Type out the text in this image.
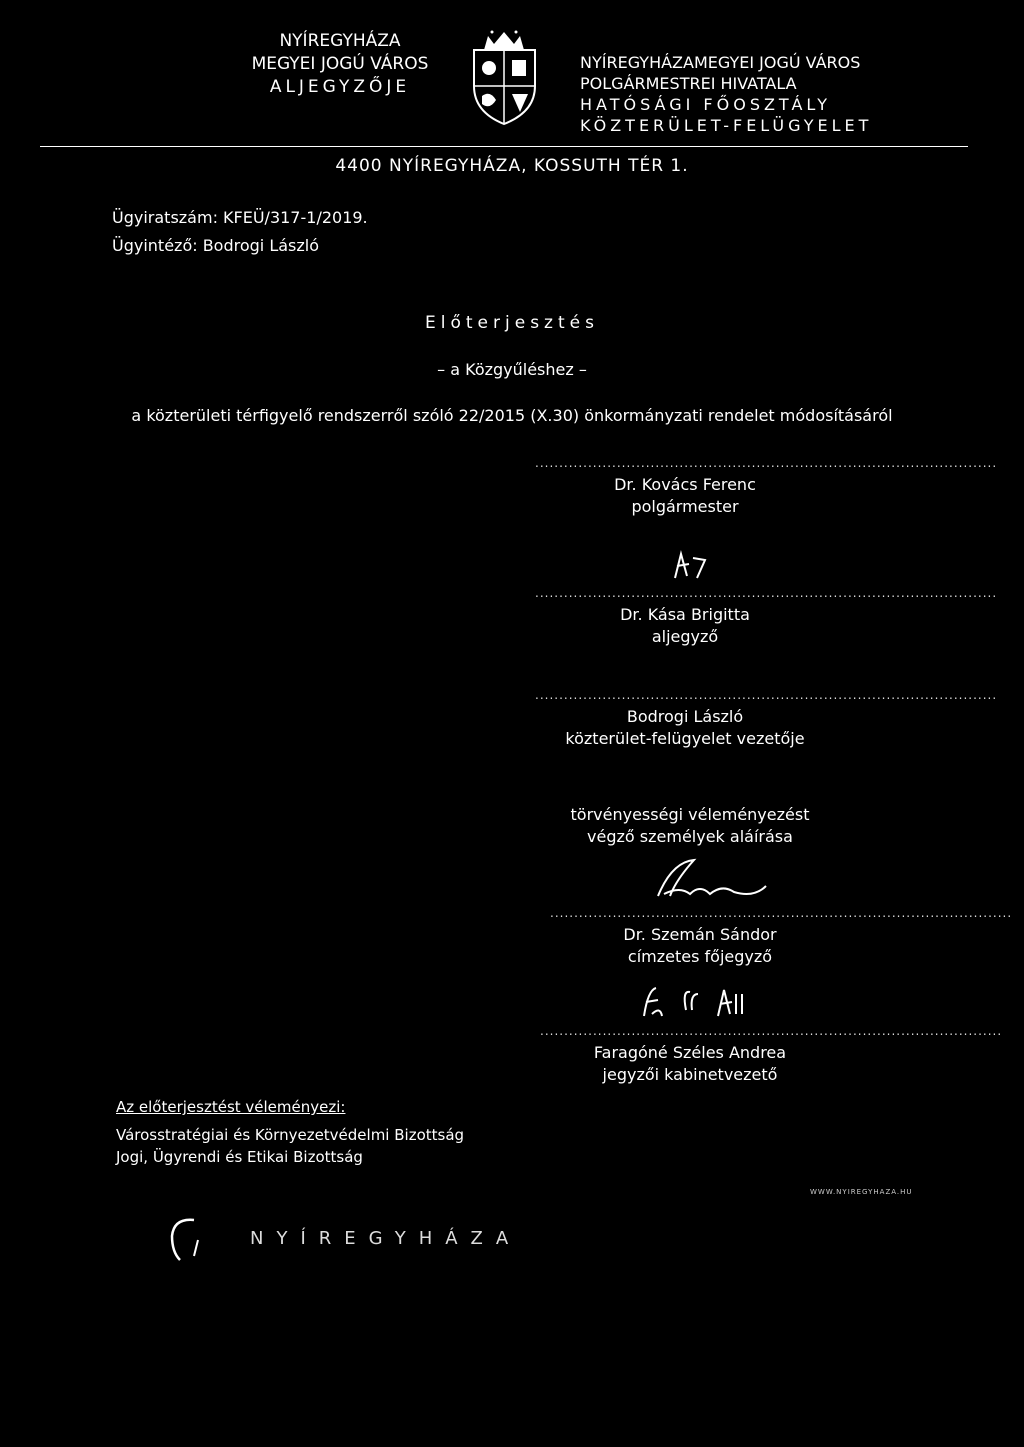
NYÍREGYHÁZA
MEGYEI JOGÚ VÁROS
ALJEGYZŐJE
NYÍREGYHÁZAMEGYEI JOGÚ VÁROS
POLGÁRMESTREI HIVATALA
HATÓSÁGI FŐOSZTÁLY
KÖZTERÜLET-FELÜGYELET
4400 NYÍREGYHÁZA, KOSSUTH TÉR 1.
Ügyiratszám: KFEÜ/317-1/2019.
Ügyintéző: Bodrogi László
Előterjesztés
– a Közgyűléshez –
a közterületi térfigyelő rendszerről szóló 22/2015 (X.30) önkormányzati rendelet módosításáról
................................................................................................
Dr. Kovács Ferenc
polgármester
................................................................................................
Dr. Kása Brigitta
aljegyző
................................................................................................
Bodrogi László
közterület-felügyelet vezetője
törvényességi véleményezést
végző személyek aláírása
................................................................................................
Dr. Szemán Sándor
címzetes főjegyző
................................................................................................
Faragóné Széles Andrea
jegyzői kabinetvezető
Az előterjesztést véleményezi:
Városstratégiai és Környezetvédelmi Bizottság
Jogi, Ügyrendi és Etikai Bizottság
NYÍREGYHÁZA
WWW.NYIREGYHAZA.HU
